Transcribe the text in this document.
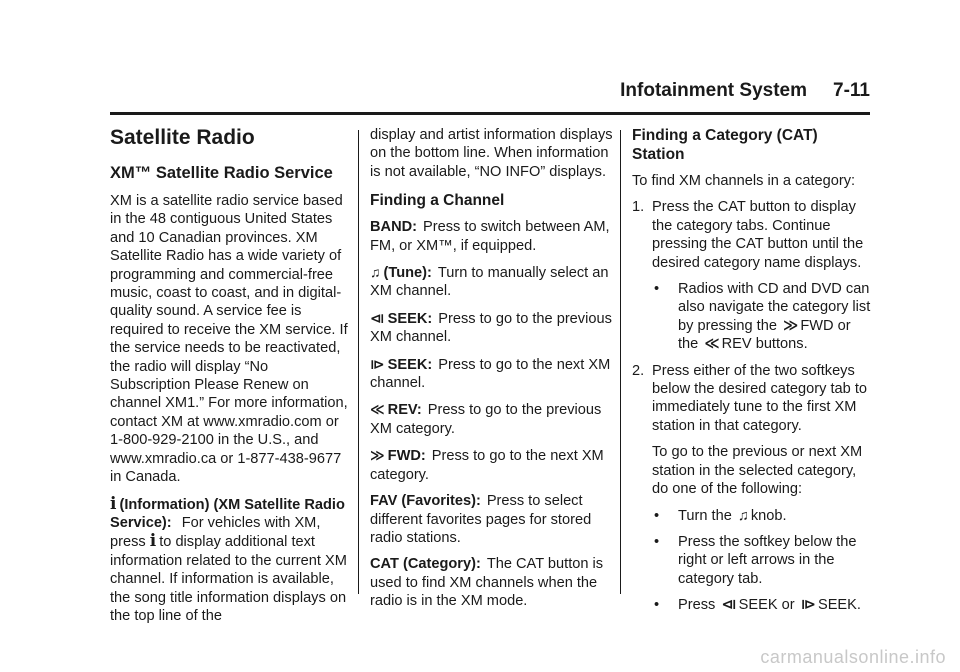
Infotainment System 7-11
Satellite Radio
XM™ Satellite Radio Service

XM is a satellite radio service based in the 48 contiguous United States and 10 Canadian provinces. XM Satellite Radio has a wide variety of programming and commercial-free music, coast to coast, and in digital-quality sound. A service fee is required to receive the XM service. If the service needs to be reactivated, the radio will display “No Subscription Please Renew on channel XM1.” For more information, contact XM at www.xmradio.com or 1-800-929-2100 in the U.S., and www.xmradio.ca or 1-877-438-9677 in Canada.

i (Information) (XM Satellite Radio Service): For vehicles with XM, press i to display additional text information related to the current XM channel. If information is available, the song title information displays on the top line of the

display and artist information displays on the bottom line. When information is not available, “NO INFO” displays.

Finding a Channel

BAND: Press to switch between AM, FM, or XM™, if equipped.

♫ (Tune): Turn to manually select an XM channel.

⧏ SEEK: Press to go to the previous XM channel.

⧐ SEEK: Press to go to the next XM channel.

≪ REV: Press to go to the previous XM category.

≫ FWD: Press to go to the next XM category.

FAV (Favorites): Press to select different favorites pages for stored radio stations.

CAT (Category): The CAT button is used to find XM channels when the radio is in the XM mode.

Finding a Category (CAT) Station

To find XM channels in a category:

1. Press the CAT button to display the category tabs. Continue pressing the CAT button until the desired category name displays.
•	Radios with CD and DVD can also navigate the category list by pressing the ≫ FWD or the ≪ REV buttons.
2. Press either of the two softkeys below the desired category tab to immediately tune to the first XM station in that category.

To go to the previous or next XM station in the selected category, do one of the following:

•	Turn the ♫ knob.
•	Press the softkey below the right or left arrows in the category tab.
•	Press ⧏ SEEK or ⧐ SEEK.
carmanualsonline.info
